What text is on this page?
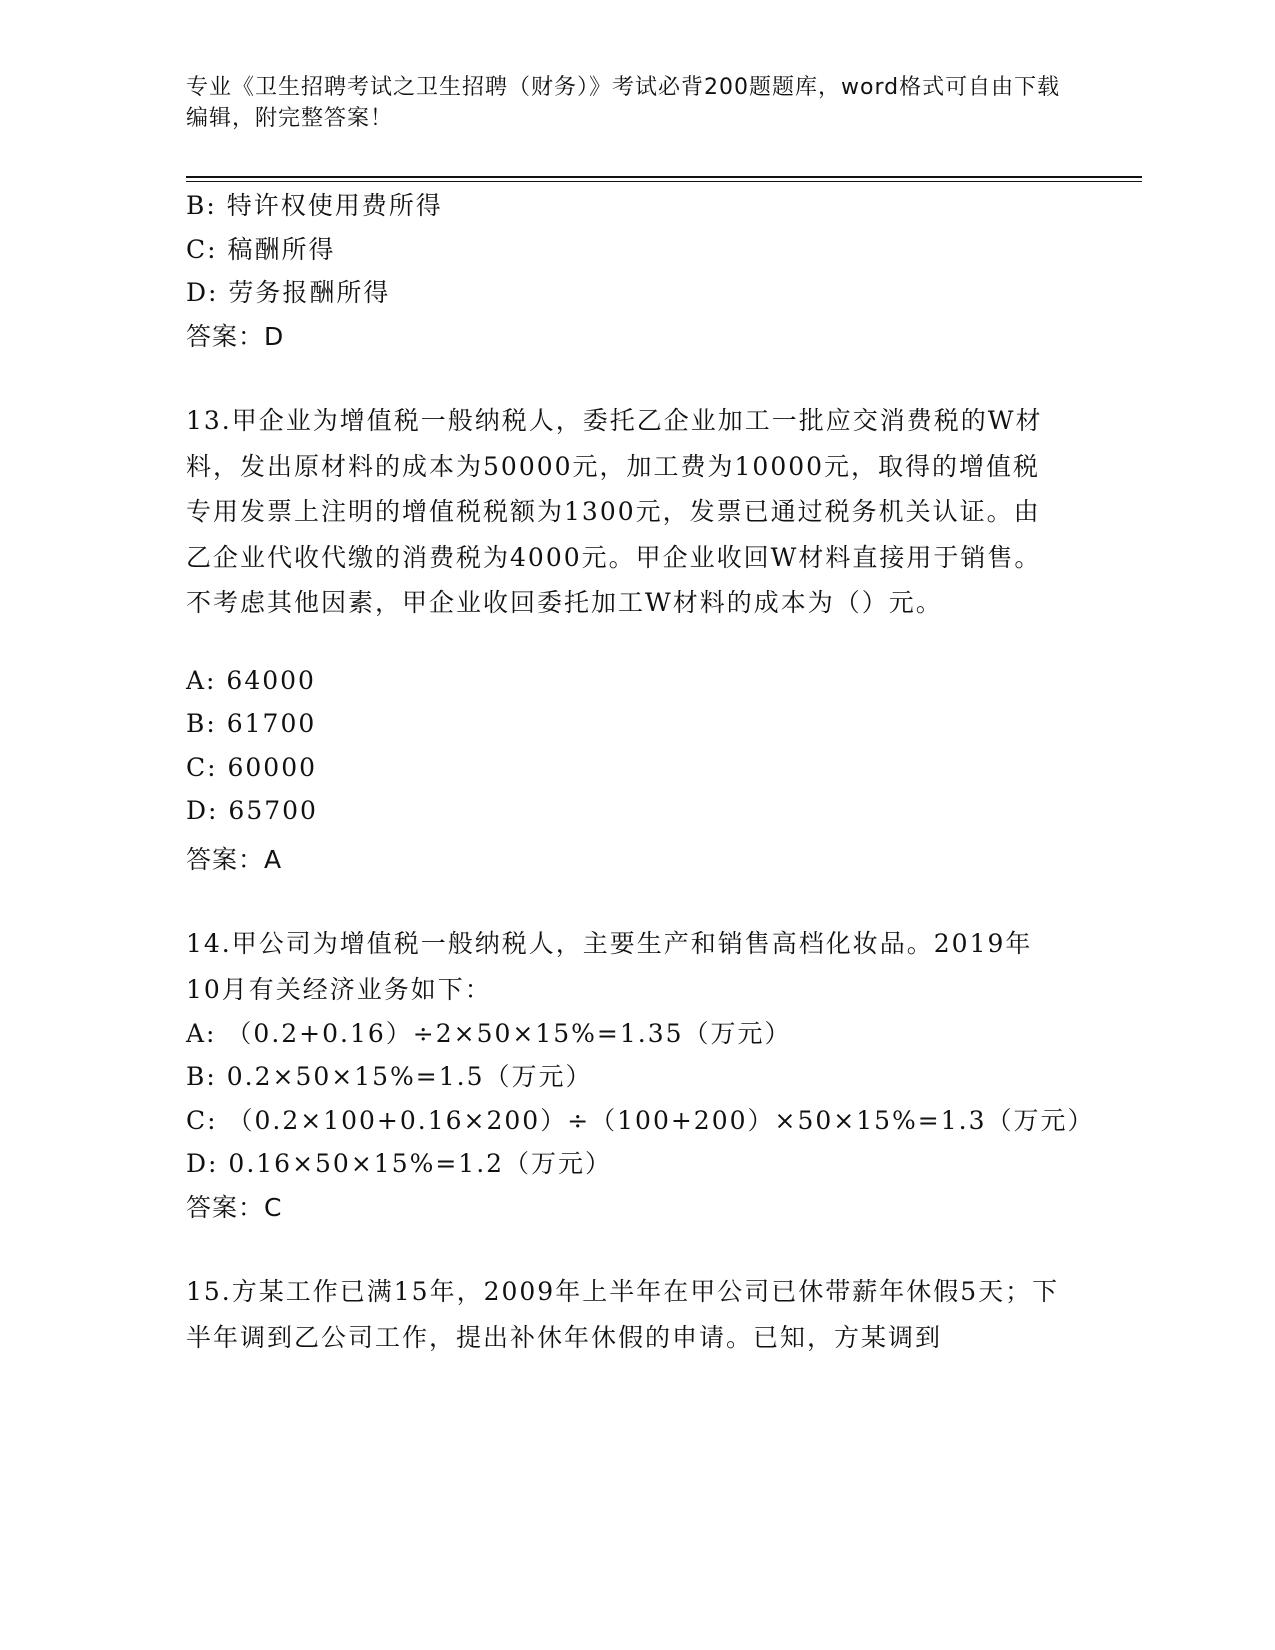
专业《卫生招聘考试之卫生招聘（财务）》考试必背200题题库，word格式可自由下载编辑，附完整答案！
B: 特许权使用费所得
C: 稿酬所得
D: 劳务报酬所得
答案：D
13.甲企业为增值税一般纳税人，委托乙企业加工一批应交消费税的W材料，发出原材料的成本为50000元，加工费为10000元，取得的增值税专用发票上注明的增值税税额为1300元，发票已通过税务机关认证。由乙企业代收代缴的消费税为4000元。甲企业收回W材料直接用于销售。不考虑其他因素，甲企业收回委托加工W材料的成本为（）元。
A: 64000
B: 61700
C: 60000
D: 65700
答案：A
14.甲公司为增值税一般纳税人，主要生产和销售高档化妆品。2019年10月有关经济业务如下：
A: （0.2+0.16）÷2×50×15%=1.35（万元）
B: 0.2×50×15%=1.5（万元）
C: （0.2×100+0.16×200）÷（100+200）×50×15%=1.3（万元）
D: 0.16×50×15%=1.2（万元）
答案：C
15.方某工作已满15年，2009年上半年在甲公司已休带薪年休假5天；下半年调到乙公司工作，提出补休年休假的申请。已知，方某调到
